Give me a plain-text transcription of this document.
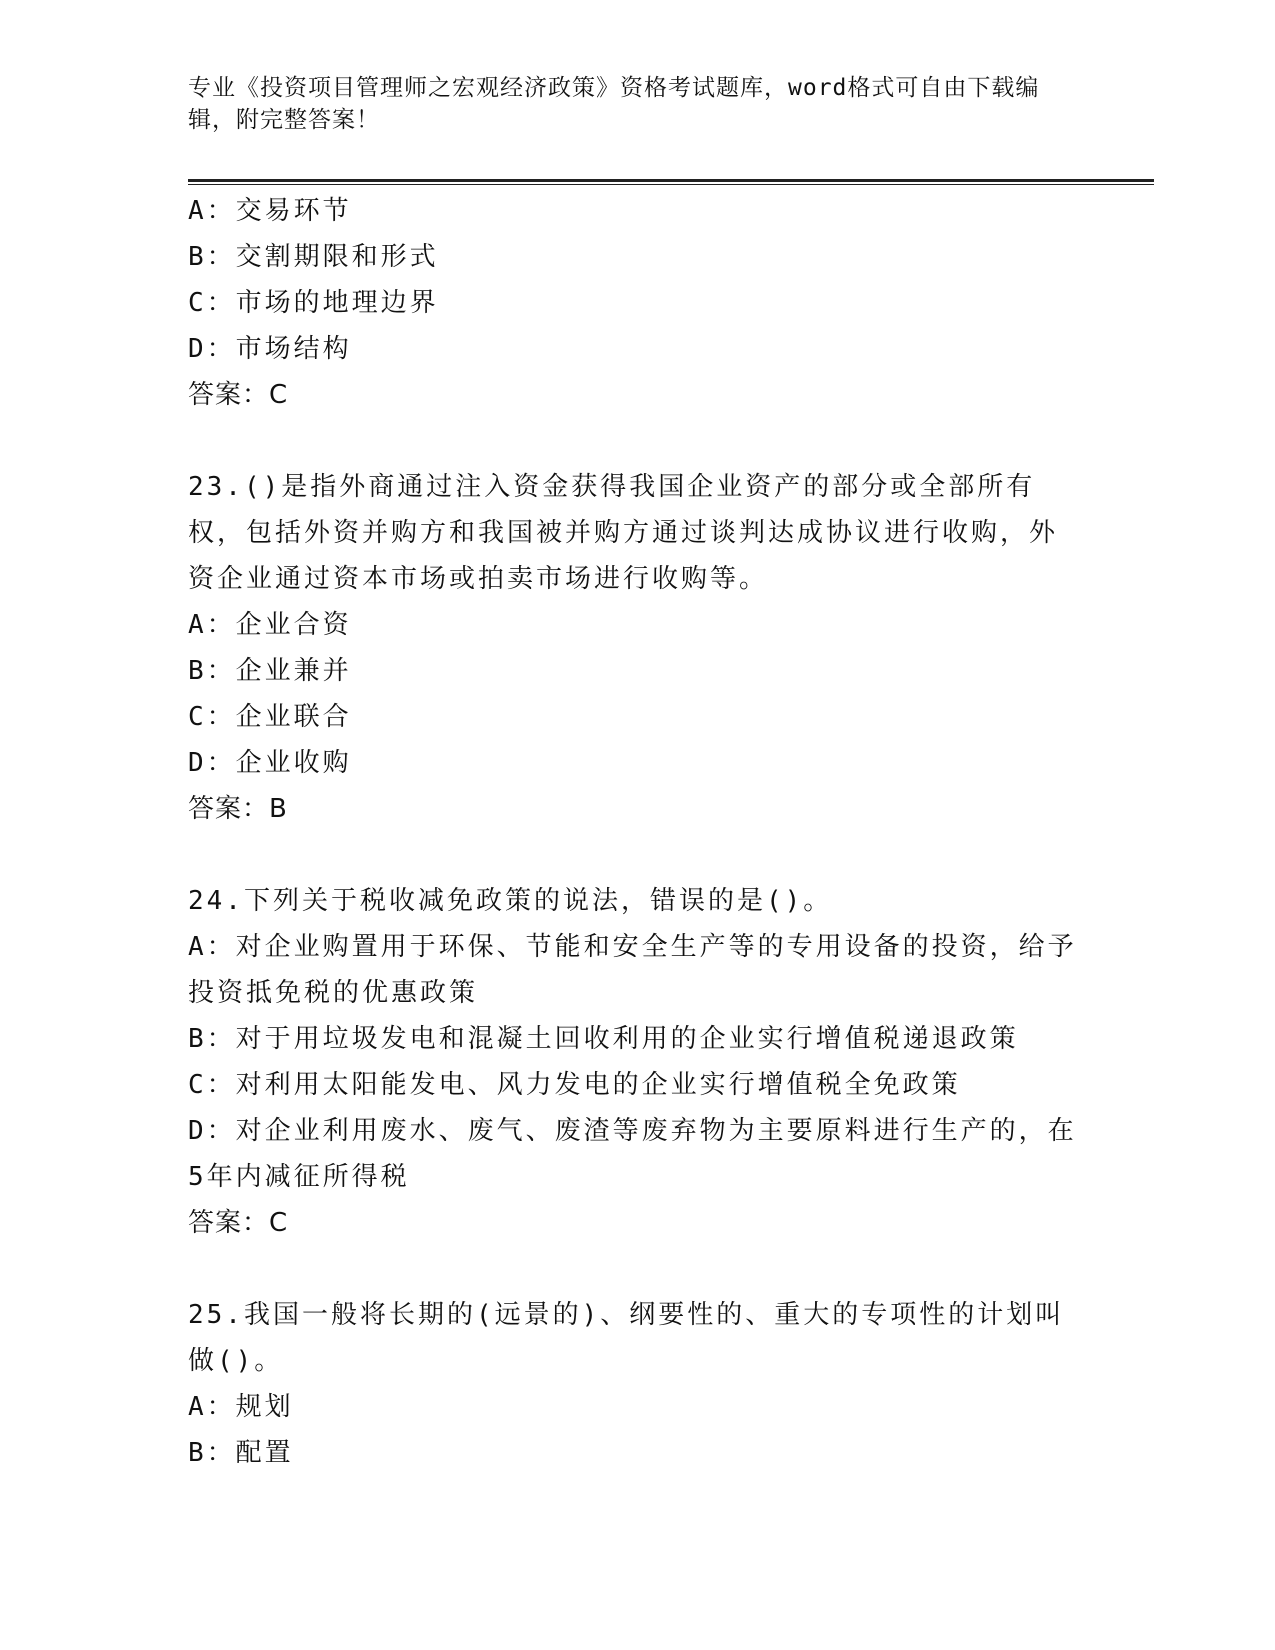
专业《投资项目管理师之宏观经济政策》资格考试题库，word格式可自由下载编辑，附完整答案！
A：交易环节
B：交割期限和形式
C：市场的地理边界
D：市场结构
答案：C
23.()是指外商通过注入资金获得我国企业资产的部分或全部所有权，包括外资并购方和我国被并购方通过谈判达成协议进行收购，外资企业通过资本市场或拍卖市场进行收购等。
A：企业合资
B：企业兼并
C：企业联合
D：企业收购
答案：B
24.下列关于税收减免政策的说法，错误的是()。
A：对企业购置用于环保、节能和安全生产等的专用设备的投资，给予投资抵免税的优惠政策
B：对于用垃圾发电和混凝土回收利用的企业实行增值税递退政策
C：对利用太阳能发电、风力发电的企业实行增值税全免政策
D：对企业利用废水、废气、废渣等废弃物为主要原料进行生产的，在5年内减征所得税
答案：C
25.我国一般将长期的(远景的)、纲要性的、重大的专项性的计划叫做()。
A：规划
B：配置
